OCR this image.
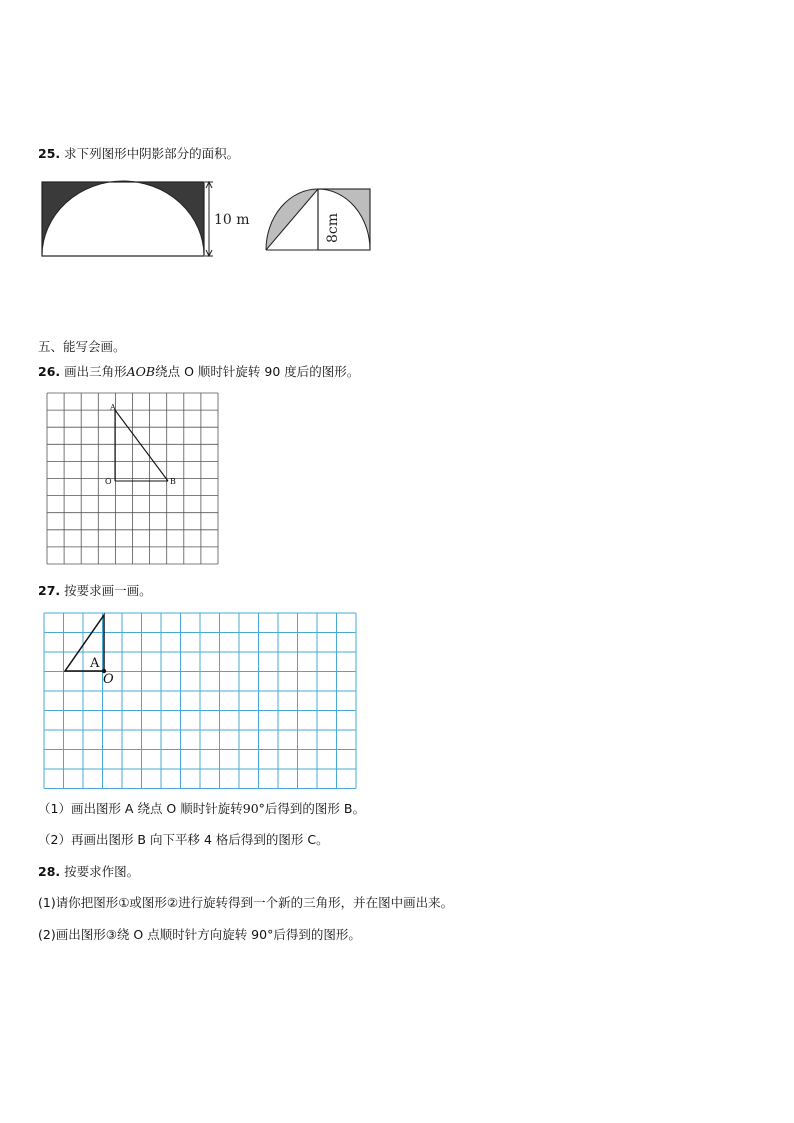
25. 求下列图形中阴影部分的面积。
10 m	8cm
五、能写会画。
26. 画出三角形AOB绕点 O 顺时针旋转 90 度后的图形。
A
O	B
27. 按要求画一画。
A
O
（1）画出图形 A 绕点 O 顺时针旋转90°后得到的图形 B。
（2）再画出图形 B 向下平移 4 格后得到的图形 C。
28. 按要求作图。
(1)请你把图形①或图形②进行旋转得到一个新的三角形，并在图中画出来。
(2)画出图形③绕 O 点顺时针方向旋转 90°后得到的图形。
